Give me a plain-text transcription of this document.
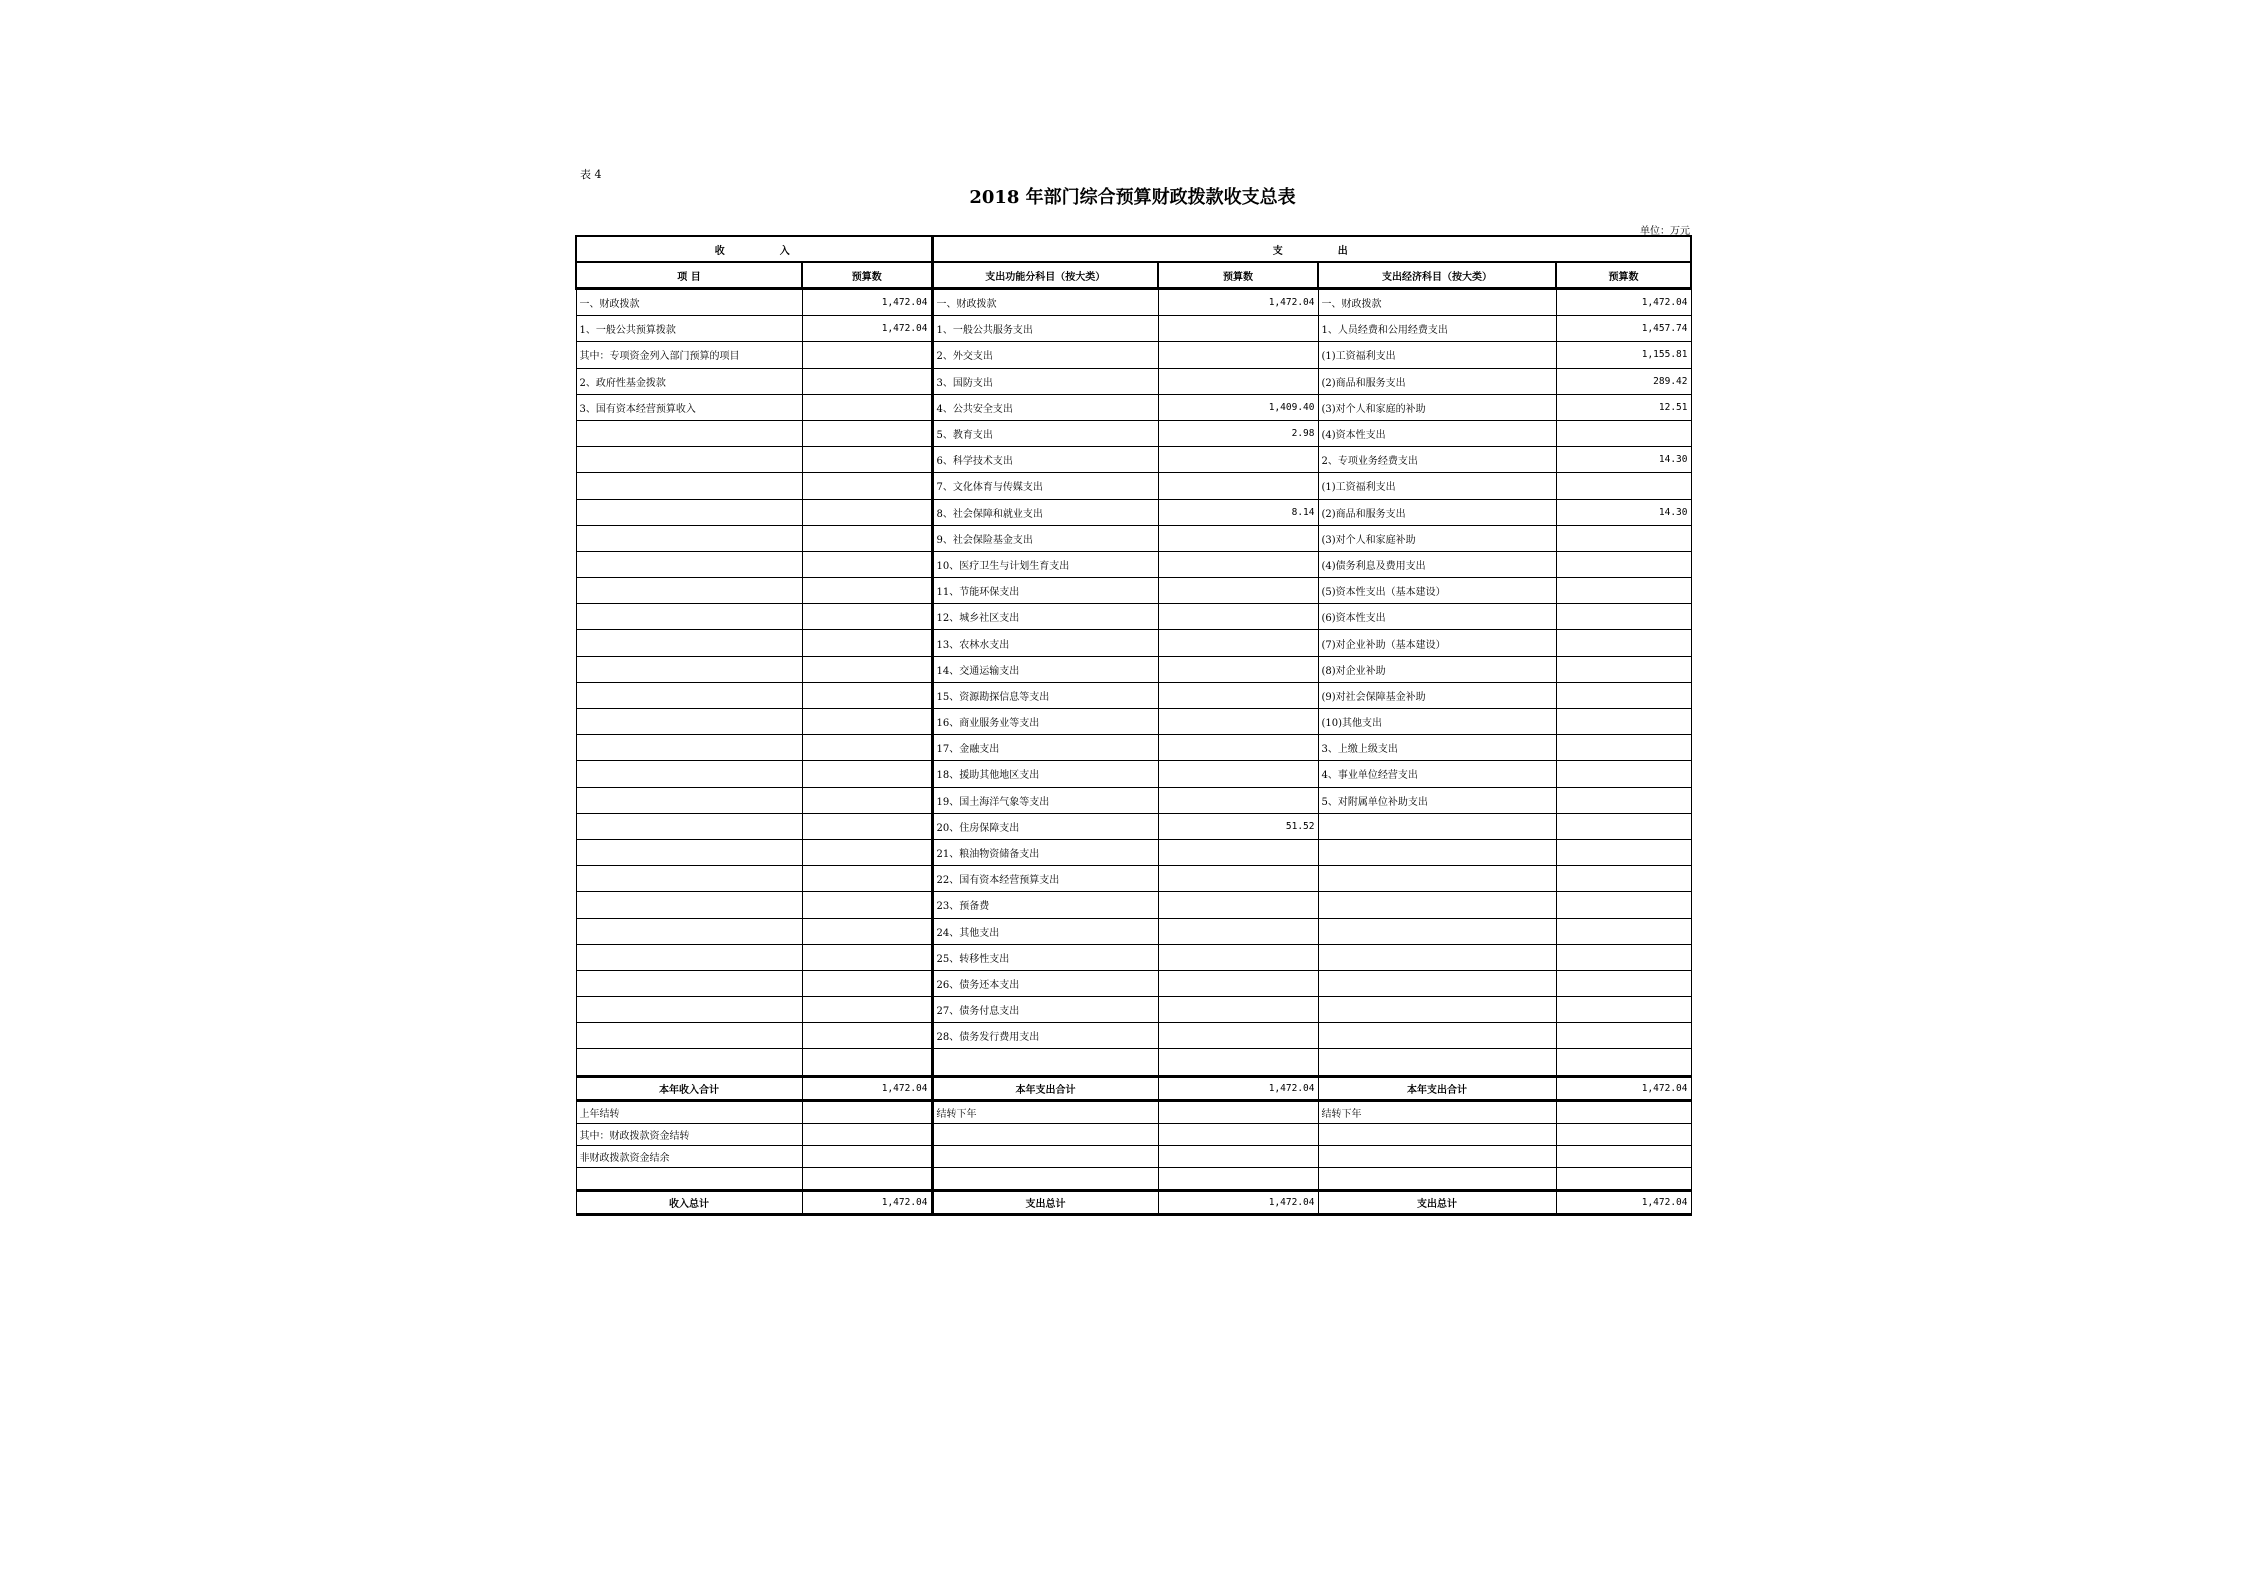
表 4
2018 年部门综合预算财政拨款收支总表
单位：万元
收入		支出			
项 目	预算数	支出功能分科目（按大类）	预算数	支出经济科目（按大类）	预算数
一、财政拨款	1,472.04	一、财政拨款	1,472.04	一、财政拨款	1,472.04
1、一般公共预算拨款	1,472.04	1、一般公共服务支出		1、人员经费和公用经费支出	1,457.74
其中：专项资金列入部门预算的项目		2、外交支出		(1)工资福利支出	1,155.81
2、政府性基金拨款		3、国防支出		(2)商品和服务支出	289.42
3、国有资本经营预算收入		4、公共安全支出	1,409.40	(3)对个人和家庭的补助	12.51
		5、教育支出	2.98	(4)资本性支出	
		6、科学技术支出		2、专项业务经费支出	14.30
		7、文化体育与传媒支出		(1)工资福利支出	
		8、社会保障和就业支出	8.14	(2)商品和服务支出	14.30
		9、社会保险基金支出		(3)对个人和家庭补助	
		10、医疗卫生与计划生育支出		(4)债务利息及费用支出	
		11、节能环保支出		(5)资本性支出（基本建设）	
		12、城乡社区支出		(6)资本性支出	
		13、农林水支出		(7)对企业补助（基本建设）	
		14、交通运输支出		(8)对企业补助	
		15、资源勘探信息等支出		(9)对社会保障基金补助	
		16、商业服务业等支出		(10)其他支出	
		17、金融支出		3、上缴上级支出	
		18、援助其他地区支出		4、事业单位经营支出	
		19、国土海洋气象等支出		5、对附属单位补助支出	
		20、住房保障支出	51.52		
		21、粮油物资储备支出			
		22、国有资本经营预算支出			
		23、预备费			
		24、其他支出			
		25、转移性支出			
		26、债务还本支出			
		27、债务付息支出			
		28、债务发行费用支出			

本年收入合计	1,472.04	本年支出合计	1,472.04	本年支出合计	1,472.04
上年结转		结转下年		结转下年	
其中：财政拨款资金结转					
非财政拨款资金结余					

收入总计	1,472.04	支出总计	1,472.04	支出总计	1,472.04
